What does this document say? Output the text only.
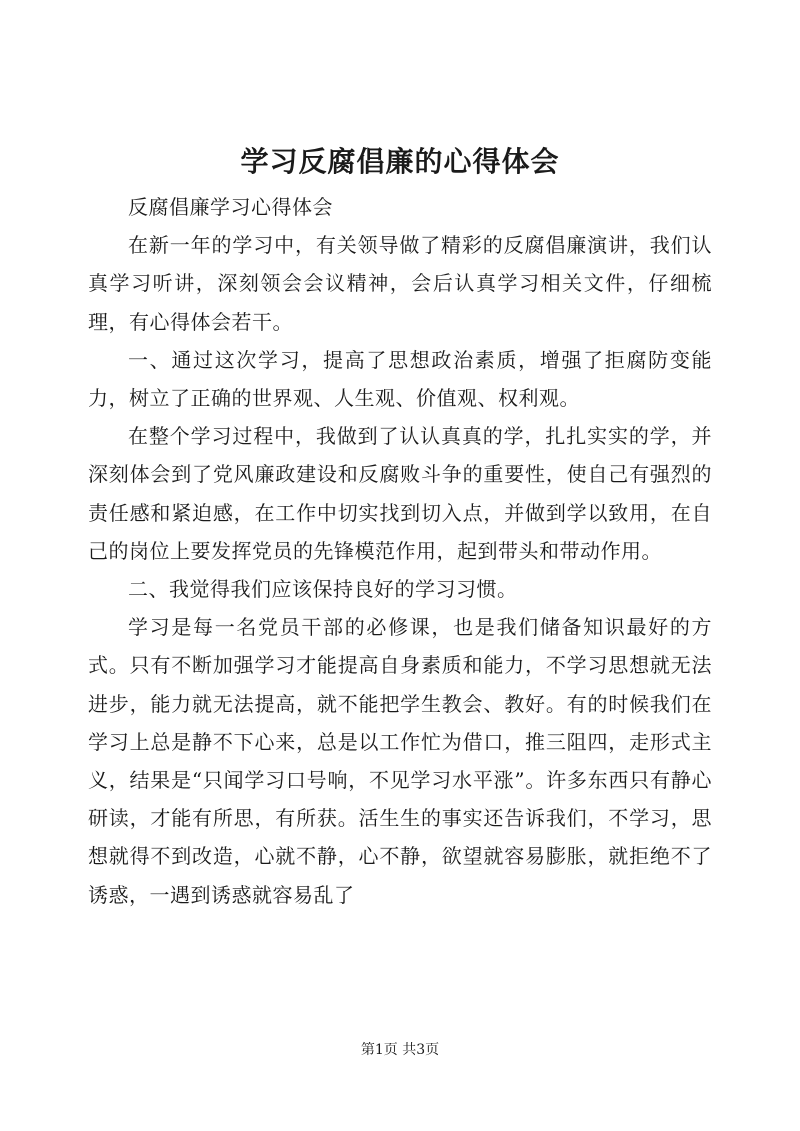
学习反腐倡廉的心得体会

反腐倡廉学习心得体会

在新一年的学习中，有关领导做了精彩的反腐倡廉演讲，我们认真学习听讲，深刻领会会议精神，会后认真学习相关文件，仔细梳理，有心得体会若干。

一、通过这次学习，提高了思想政治素质，增强了拒腐防变能力，树立了正确的世界观、人生观、价值观、权利观。

在整个学习过程中，我做到了认认真真的学，扎扎实实的学，并深刻体会到了党风廉政建设和反腐败斗争的重要性，使自己有强烈的责任感和紧迫感，在工作中切实找到切入点，并做到学以致用，在自己的岗位上要发挥党员的先锋模范作用，起到带头和带动作用。

二、我觉得我们应该保持良好的学习习惯。

学习是每一名党员干部的必修课，也是我们储备知识最好的方式。只有不断加强学习才能提高自身素质和能力，不学习思想就无法进步，能力就无法提高，就不能把学生教会、教好。有的时候我们在学习上总是静不下心来，总是以工作忙为借口，推三阻四，走形式主义，结果是“只闻学习口号响，不见学习水平涨”。许多东西只有静心研读，才能有所思，有所获。活生生的事实还告诉我们，不学习，思想就得不到改造，心就不静，心不静，欲望就容易膨胀，就拒绝不了诱惑，一遇到诱惑就容易乱了

第1页 共3页
